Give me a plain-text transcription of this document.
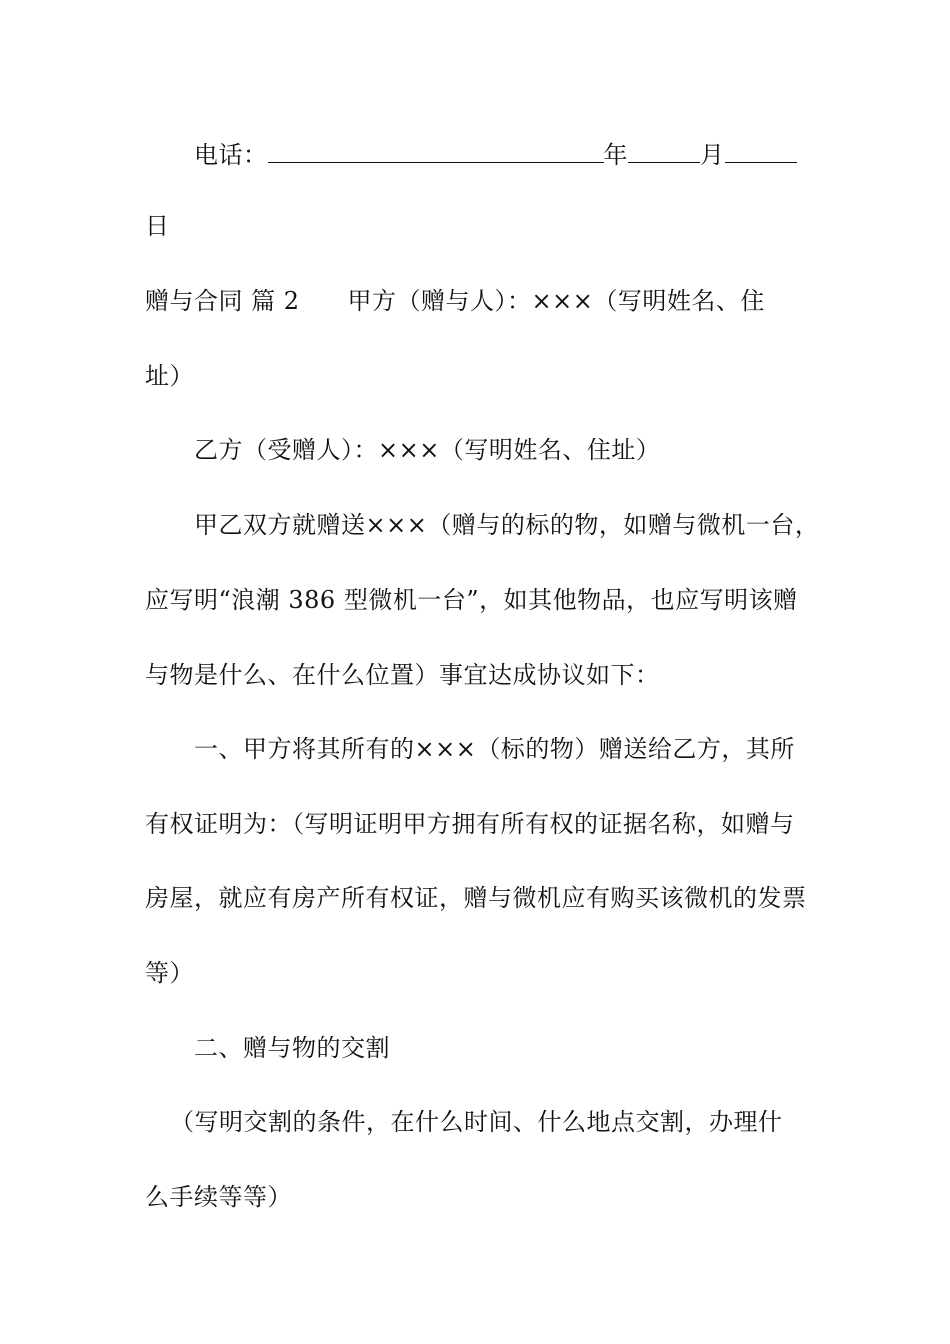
电话：	年	月
日
赠与合同 篇 2 甲方（赠与人）：×××（写明姓名、住
址）
乙方（受赠人）：×××（写明姓名、住址）
甲乙双方就赠送×××（赠与的标的物，如赠与微机一台，
应写明“浪潮 386 型微机一台”，如其他物品，也应写明该赠
与物是什么、在什么位置）事宜达成协议如下：
一、甲方将其所有的×××（标的物）赠送给乙方，其所
有权证明为：（写明证明甲方拥有所有权的证据名称，如赠与
房屋，就应有房产所有权证，赠与微机应有购买该微机的发票
等）
二、赠与物的交割
（写明交割的条件，在什么时间、什么地点交割，办理什
么手续等等）
